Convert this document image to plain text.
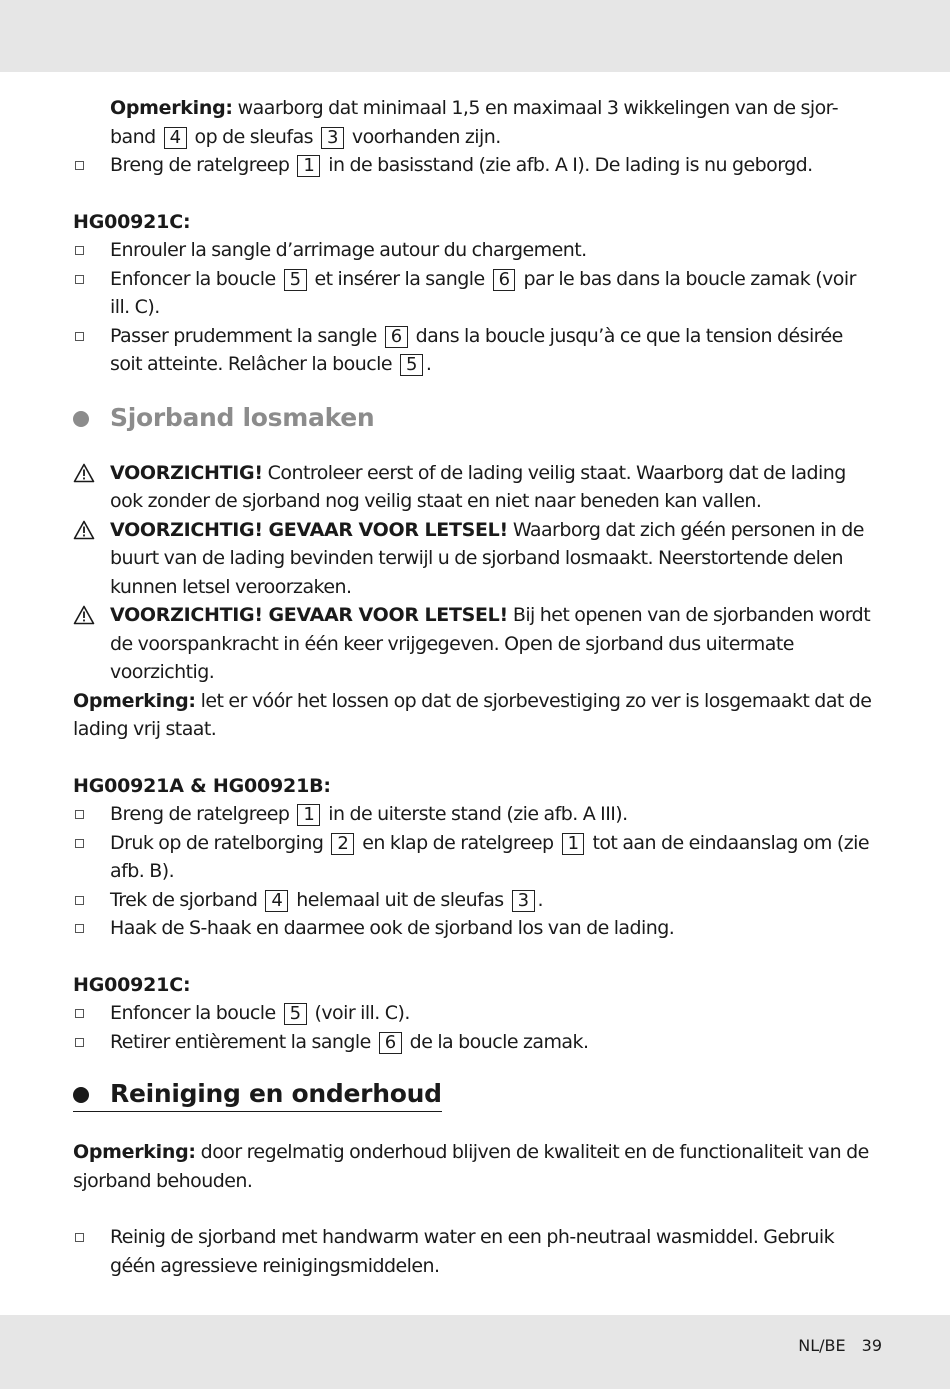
Opmerking: waarborg dat minimaal 1,5 en maximaal 3 wikkelingen van de sjor-band 4 op de sleufas 3 voorhanden zijn.

Breng de ratelgreep 1 in de basisstand (zie afb. A I). De lading is nu geborgd.

HG00921C:

Enrouler la sangle d’arrimage autour du chargement.

Enfoncer la boucle 5 et insérer la sangle 6 par le bas dans la boucle zamak (voir ill. C).

Passer prudemment la sangle 6 dans la boucle jusqu’à ce que la tension désirée soit atteinte. Relâcher la boucle 5 .

Sjorband losmaken

VOORZICHTIG! Controleer eerst of de lading veilig staat. Waarborg dat de lading ook zonder de sjorband nog veilig staat en niet naar beneden kan vallen.

VOORZICHTIG! GEVAAR VOOR LETSEL! Waarborg dat zich géén personen in de buurt van de lading bevinden terwijl u de sjorband losmaakt. Neerstortende delen kunnen letsel veroorzaken.

VOORZICHTIG! GEVAAR VOOR LETSEL! Bij het openen van de sjorbanden wordt de voorspankracht in één keer vrijgegeven. Open de sjorband dus uitermate voorzichtig.

Opmerking: let er vóór het lossen op dat de sjorbevestiging zo ver is losgemaakt dat de lading vrij staat.

HG00921A & HG00921B:

Breng de ratelgreep 1 in de uiterste stand (zie afb. A III).

Druk op de ratelborging 2 en klap de ratelgreep 1 tot aan de eindaanslag om (zie afb. B).

Trek de sjorband 4 helemaal uit de sleufas 3 .

Haak de S-haak en daarmee ook de sjorband los van de lading.

HG00921C:

Enfoncer la boucle 5 (voir ill. C).

Retirer entièrement la sangle 6 de la boucle zamak.

Reiniging en onderhoud

Opmerking: door regelmatig onderhoud blijven de kwaliteit en de functionaliteit van de sjorband behouden.

Reinig de sjorband met handwarm water en een ph-neutraal wasmiddel. Gebruik géén agressieve reinigingsmiddelen.

NL/BE 39
